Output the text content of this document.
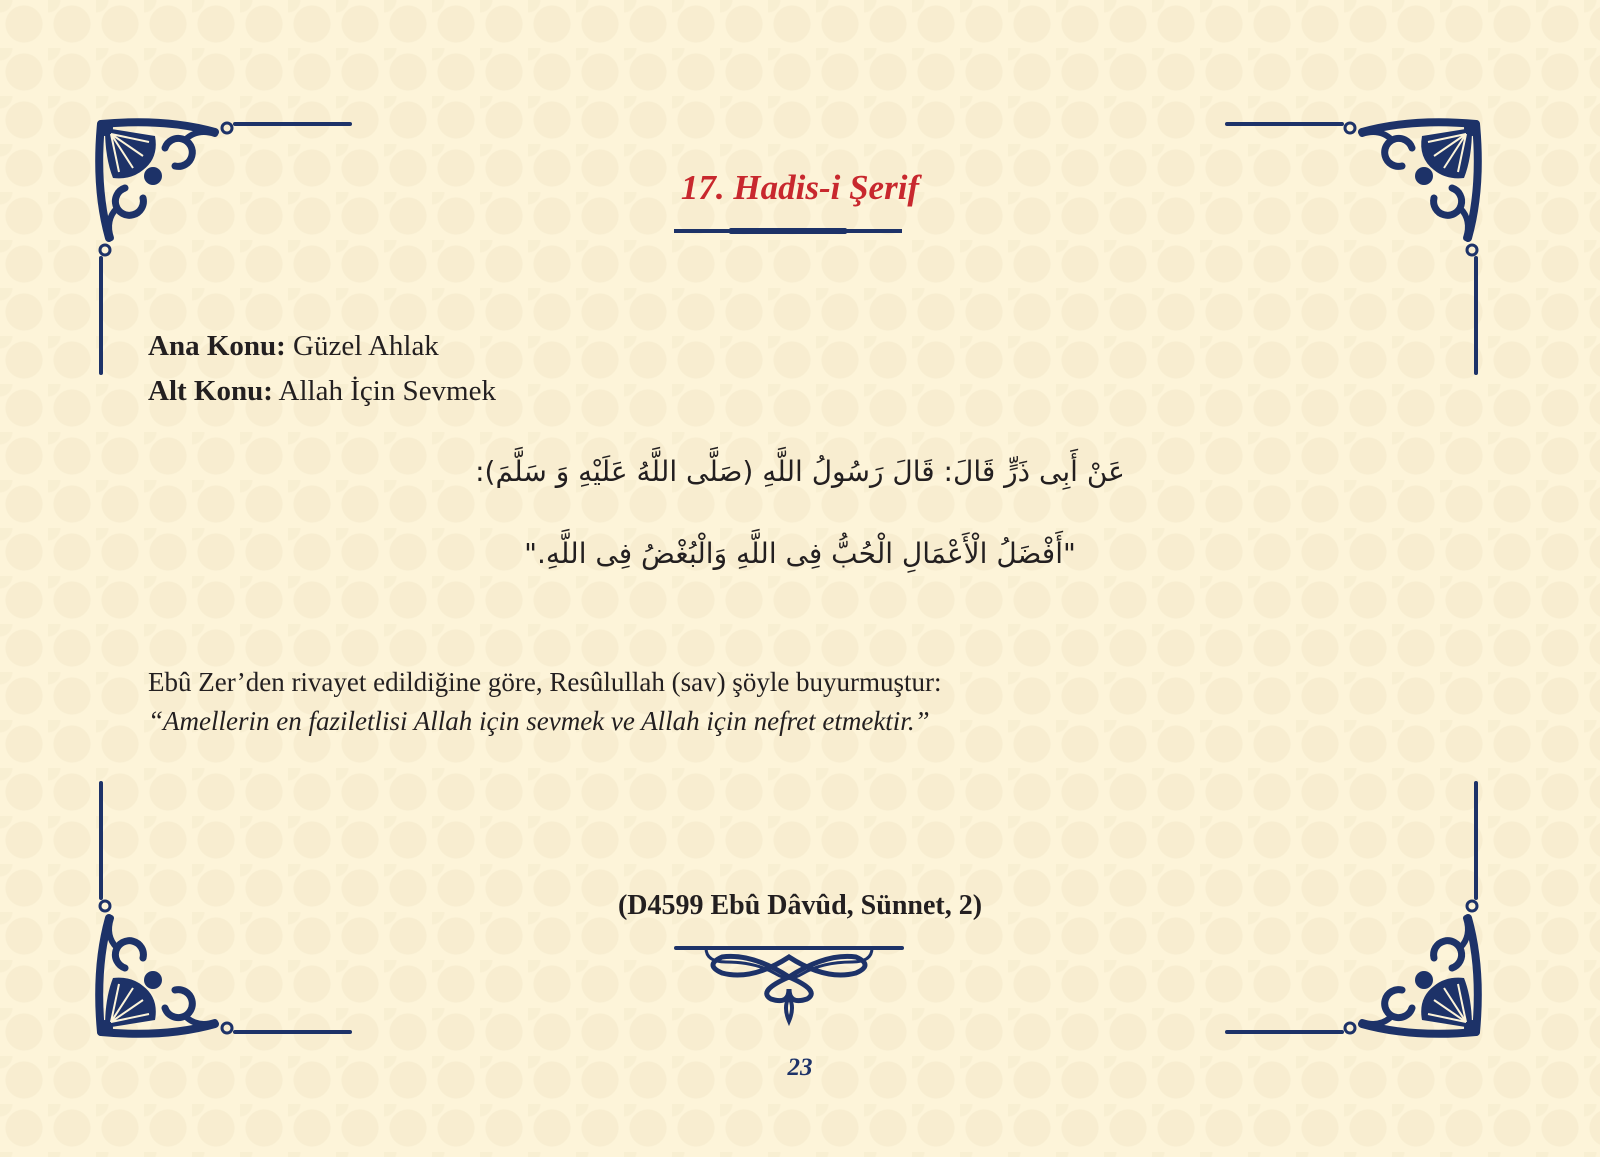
17. Hadis-i Şerif
Ana Konu: Güzel Ahlak
Alt Konu: Allah İçin Sevmek
عَنْ أَبِى ذَرٍّ قَالَ: قَالَ رَسُولُ اللَّهِ (صَلَّى اللَّهُ عَلَيْهِ وَ سَلَّمَ):
"أَفْضَلُ الْأَعْمَالِ الْحُبُّ فِى اللَّهِ وَالْبُغْضُ فِى اللَّهِ."
Ebû Zer’den rivayet edildiğine göre, Resûlullah (sav) şöyle buyurmuştur:
“Amellerin en faziletlisi Allah için sevmek ve Allah için nefret etmektir.”
(D4599 Ebû Dâvûd, Sünnet, 2)
23
